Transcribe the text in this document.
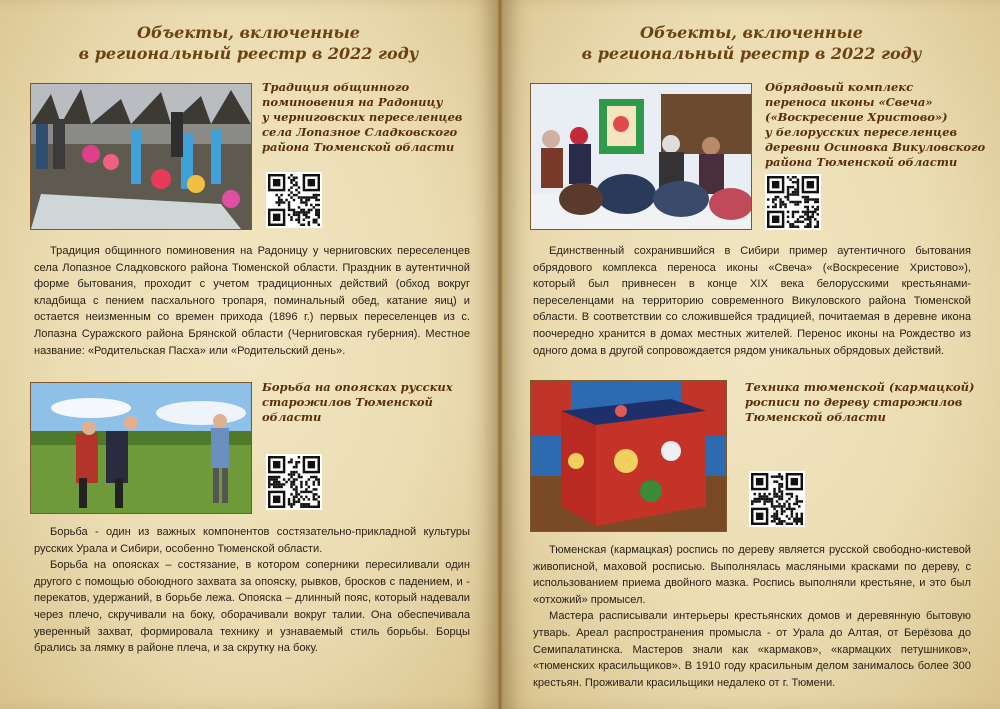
Объекты, включенные
в региональный реестр в 2022 году
Традиция общинного
поминовения на Радоницу
у черниговских переселенцев
села Лопазное Сладковского
района Тюменской области

Традиция общинного поминовения на Радоницу у черниговских переселенцев села Лопазное Сладковского района Тюменской области. Праздник в аутентичной форме бытования, проходит с учетом традиционных действий (обход вокруг кладбища с пением пасхального тропаря, поминальный обед, катание яиц) и остается неизменным со времен прихода (1896 г.) первых переселенцев из с. Лопазна Суражского района Брянской области (Черниговская губерния). Местное название: «Родительская Пасха» или «Родительский день».

Борьба на опоясках русских
старожилов Тюменской
области

Борьба - один из важных компонентов состязательно-прикладной культуры русских Урала и Сибири, особенно Тюменской области.

Борьба на опоясках – состязание, в котором соперники пересиливали один другого с помощью обоюдного захвата за опояску, рывков, бросков с падением, и - перекатов, удержаний, в борьбе лежа. Опояска – длинный пояс, который надевали через плечо, скручивали на боку, оборачивали вокруг талии. Она обеспечивала уверенный захват, формировала технику и узнаваемый стиль борьбы. Борцы брались за лямку в районе плеча, и за скрутку на боку.

Объекты, включенные
в региональный реестр в 2022 году
Обрядовый комплекс
переноса иконы «Свеча»
(«Воскресение Христово»)
у белорусских переселенцев
деревни Осиновка Викуловского
района Тюменской области

Единственный сохранившийся в Сибири пример аутентичного бытования обрядового комплекса переноса иконы «Свеча» («Воскресение Христово»), который был привнесен в конце XIX века белорусскими крестьянами-переселенцами на территорию современного Викуловского района Тюменской области. В соответствии со сложившейся традицией, почитаемая в деревне икона поочередно хранится в домах местных жителей. Перенос иконы на Рождество из одного дома в другой сопровождается рядом уникальных обрядовых действий.

Техника тюменской (кармацкой)
росписи по дереву старожилов
Тюменской области

Тюменская (кармацкая) роспись по дереву является русской свободно-кистевой живописной, маховой росписью. Выполнялась масляными красками по дереву, с использованием приема двойного мазка. Роспись выполняли крестьяне, и это был «отхожий» промысел.

Мастера расписывали интерьеры крестьянских домов и деревянную бытовую утварь. Ареал распространения промысла - от Урала до Алтая, от Берёзова до Семипалатинска. Мастеров знали как «кармаков», «кармацких петушников», «тюменских красильщиков». В 1910 году красильным делом занималось более 300 крестьян. Проживали красильщики недалеко от г. Тюмени.
